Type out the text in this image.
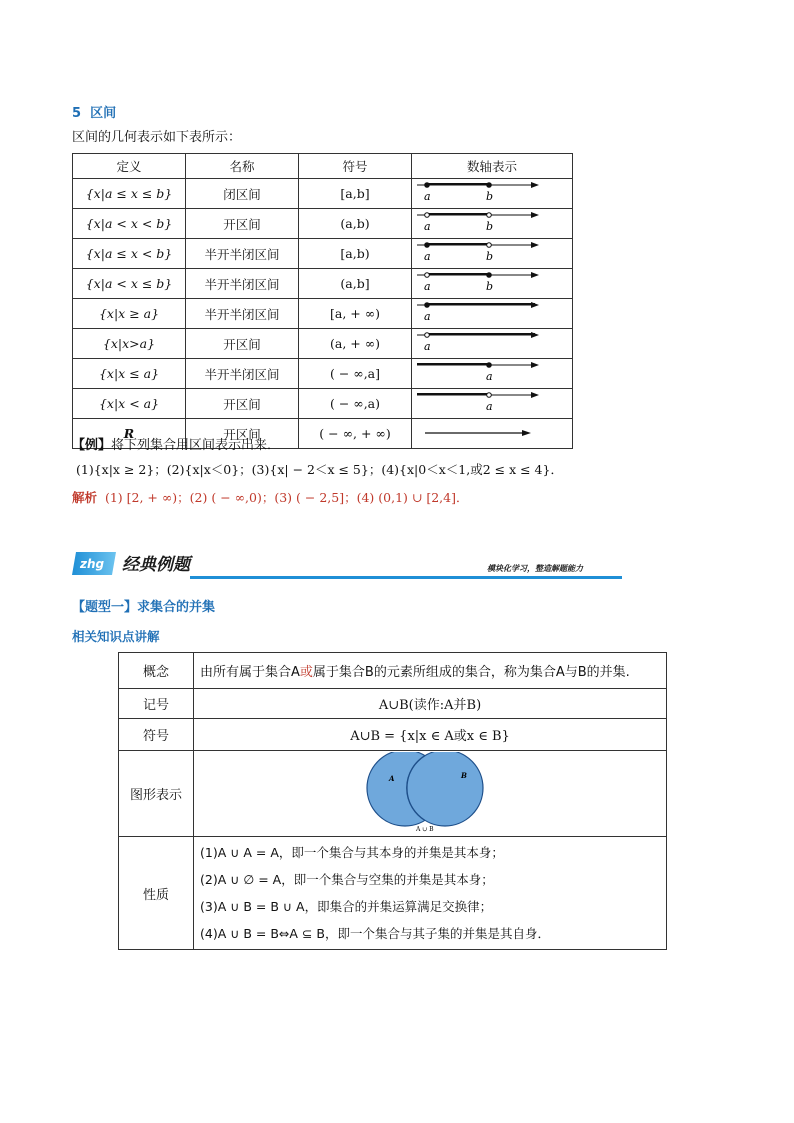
5 区间
区间的几何表示如下表所示：
定义	名称	符号	数轴表示
{x|a ≤ x ≤ b}	闭区间	[a,b]	a b

{x|a < x < b}	开区间	(a,b)	a b

{x|a ≤ x < b}	半开半闭区间	[a,b)	a b

{x|a < x ≤ b}	半开半闭区间	(a,b]	a b

{x|x ≥ a}	半开半闭区间	[a, + ∞)	a

{x|x>a}	开区间	(a, + ∞)	a

{x|x ≤ a}	半开半闭区间	( − ∞,a]	a

{x|x < a}	开区间	( − ∞,a)	a

R	开区间	( − ∞, + ∞)	
【例】将下列集合用区间表示出来．
(1){x|x ≥ 2}；(2){x|x＜0}；(3){x| − 2＜x ≤ 5}；(4){x|0＜x＜1,或2 ≤ x ≤ 4}．
解析 (1) [2, + ∞)；(2) ( − ∞,0)；(3) ( − 2,5]；(4) (0,1) ∪ [2,4]．
zhg 经典例题	模块化学习，整造解题能力
【题型一】求集合的并集
相关知识点讲解
概念	由所有属于集合A或属于集合B的元素所组成的集合，称为集合A与B的并集.
记号	A∪B(读作:A并B)
符号	A∪B = {x|x ∈ A或x ∈ B}
图形表示	A B
A ∪ B

性质	(1)A ∪ A = A，即一个集合与其本身的并集是其本身；
(2)A ∪ ∅ = A，即一个集合与空集的并集是其本身；
(3)A ∪ B = B ∪ A，即集合的并集运算满足交换律；
(4)A ∪ B = B⇔A ⊆ B，即一个集合与其子集的并集是其自身．
